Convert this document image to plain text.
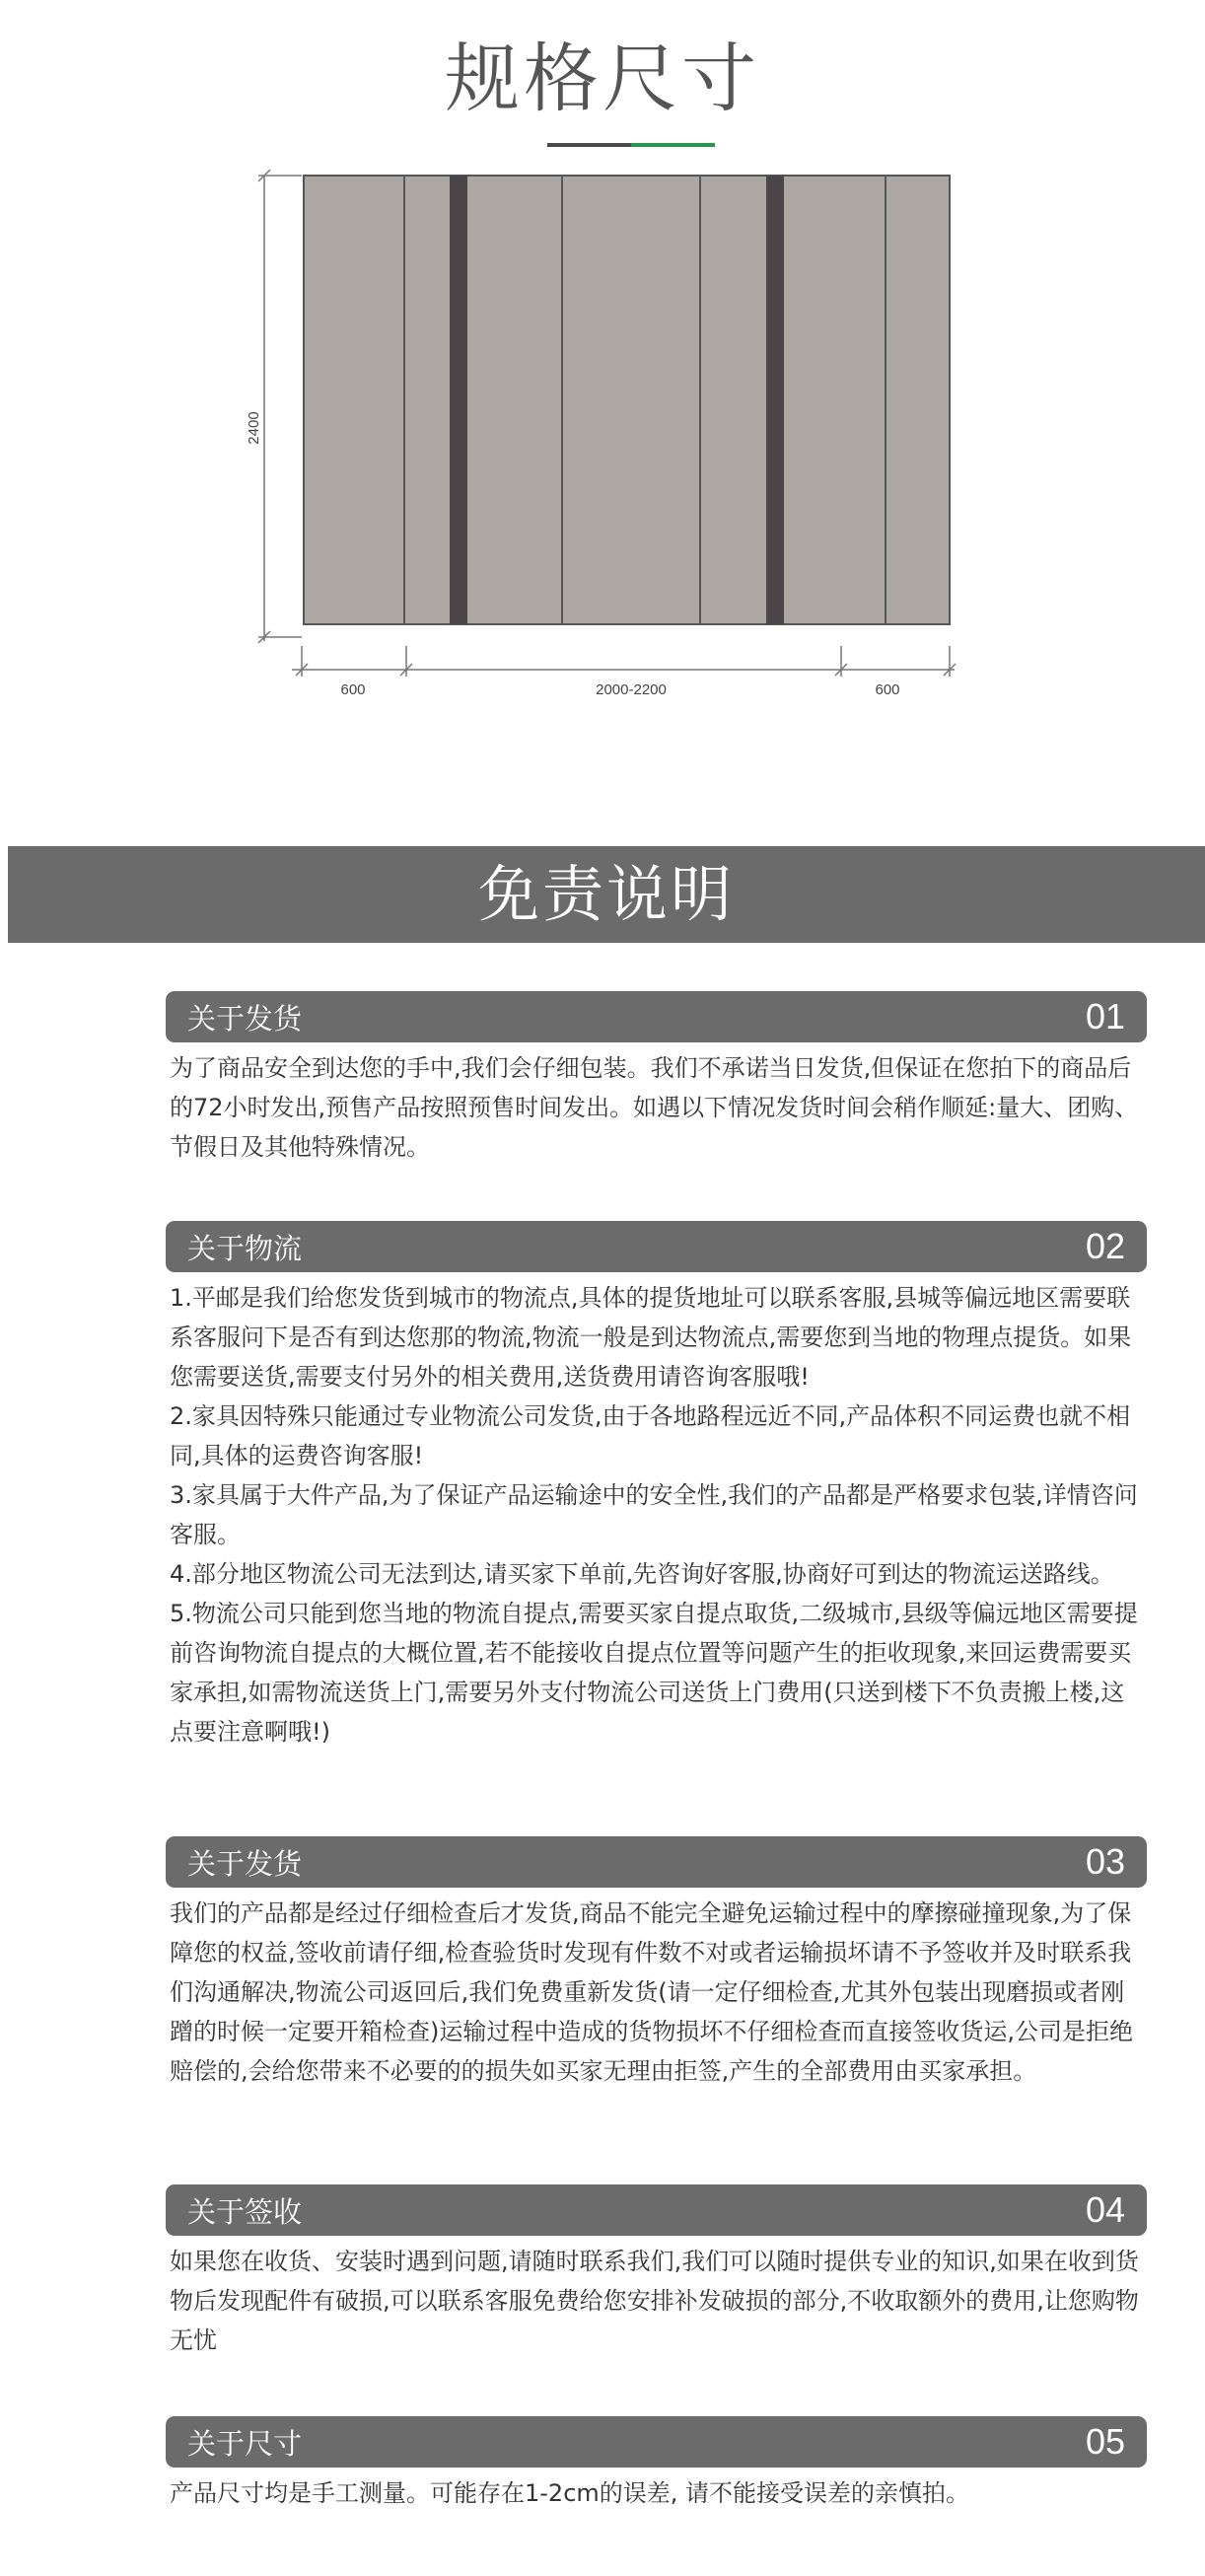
规格尺寸
2400
600	2000-2200	600
免责说明
关于发货	01

为了商品安全到达您的手中,我们会仔细包装。我们不承诺当日发货,但保证在您拍下的商品后的72小时发出,预售产品按照预售时间发出。如遇以下情况发货时间会稍作顺延:量大、团购、节假日及其他特殊情况。

关于物流	02

1.平邮是我们给您发货到城市的物流点,具体的提货地址可以联系客服,县城等偏远地区需要联系客服问下是否有到达您那的物流,物流一般是到达物流点,需要您到当地的物理点提货。如果您需要送货,需要支付另外的相关费用,送货费用请咨询客服哦!

2.家具因特殊只能通过专业物流公司发货,由于各地路程远近不同,产品体积不同运费也就不相同,具体的运费咨询客服!

3.家具属于大件产品,为了保证产品运输途中的安全性,我们的产品都是严格要求包装,详情咨问客服。

4.部分地区物流公司无法到达,请买家下单前,先咨询好客服,协商好可到达的物流运送路线。

5.物流公司只能到您当地的物流自提点,需要买家自提点取货,二级城市,县级等偏远地区需要提前咨询物流自提点的大概位置,若不能接收自提点位置等问题产生的拒收现象,来回运费需要买家承担,如需物流送货上门,需要另外支付物流公司送货上门费用(只送到楼下不负责搬上楼,这点要注意啊哦!)

关于发货	03

我们的产品都是经过仔细检查后才发货,商品不能完全避免运输过程中的摩擦碰撞现象,为了保障您的权益,签收前请仔细,检查验货时发现有件数不对或者运输损坏请不予签收并及时联系我们沟通解决,物流公司返回后,我们免费重新发货(请一定仔细检查,尤其外包装出现磨损或者刚蹭的时候一定要开箱检查)运输过程中造成的货物损坏不仔细检查而直接签收货运,公司是拒绝赔偿的,会给您带来不必要的的损失如买家无理由拒签,产生的全部费用由买家承担。

关于签收	04

如果您在收货、安装时遇到问题,请随时联系我们,我们可以随时提供专业的知识,如果在收到货物后发现配件有破损,可以联系客服免费给您安排补发破损的部分,不收取额外的费用,让您购物无忧

关于尺寸	05

产品尺寸均是手工测量。可能存在1-2cm的误差, 请不能接受误差的亲慎拍。
